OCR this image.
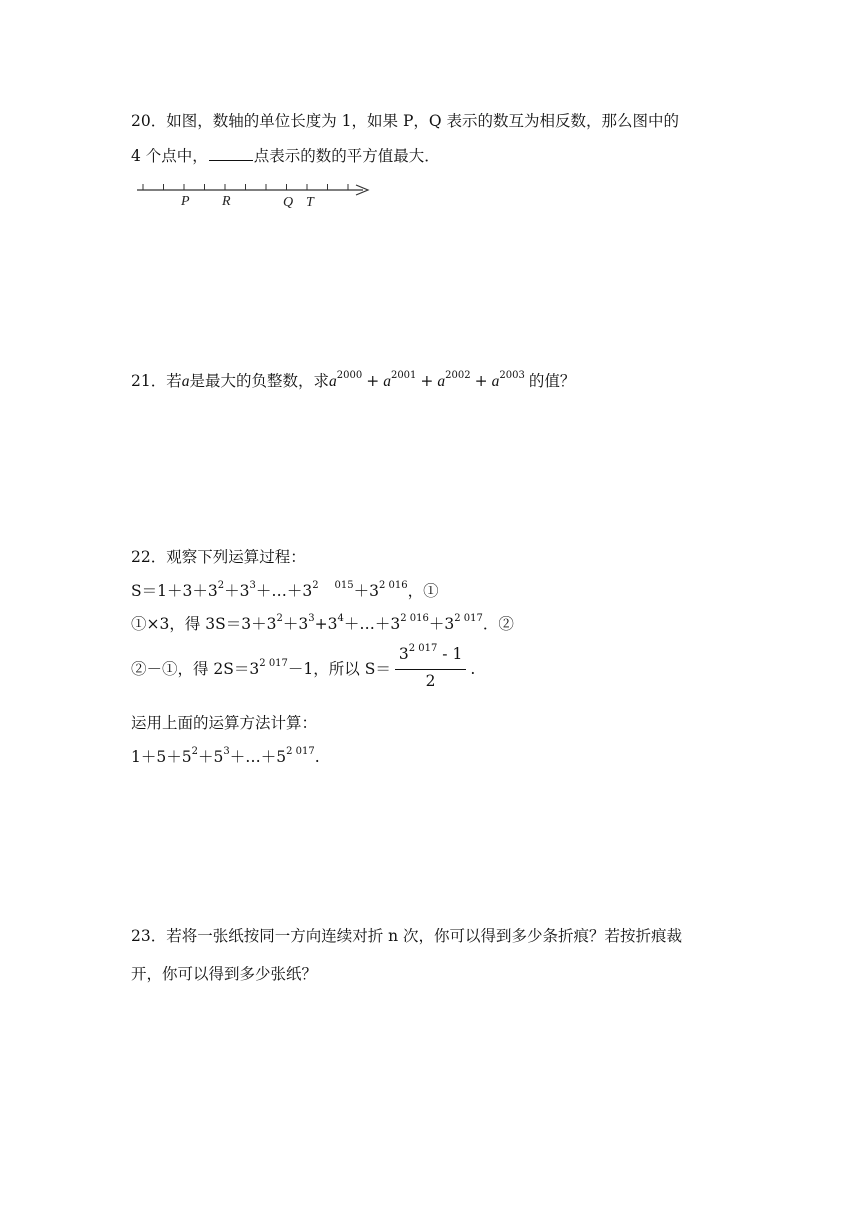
20．如图，数轴的单位长度为 1，如果 P，Q 表示的数互为相反数，那么图中的
4 个点中，	点表示的数的平方值最大．
P R	Q T
21．若a是最大的负整数，求$a^{2000} + a^{2001} + a^{2002} + a^{2003}$ 的值？
22．观察下列运算过程：
$S=1+3+3^2+3^3+\dots+3^{2 015}+3^{2 016}$，①
①×3，得 $3S=3+3^2+3^3+3^4+\dots+3^{2 016}+3^{2 017}$．②
②－①，得 $2S=3^{2 017}-1$，所以 $S= \frac{3^{2 017} - 1}{2}$ .
运用上面的运算方法计算：
$1+5+5^2+5^3+\dots+5^{2 017}$.
23．若将一张纸按同一方向连续对折 n 次，你可以得到多少条折痕？若按折痕裁
开，你可以得到多少张纸？
